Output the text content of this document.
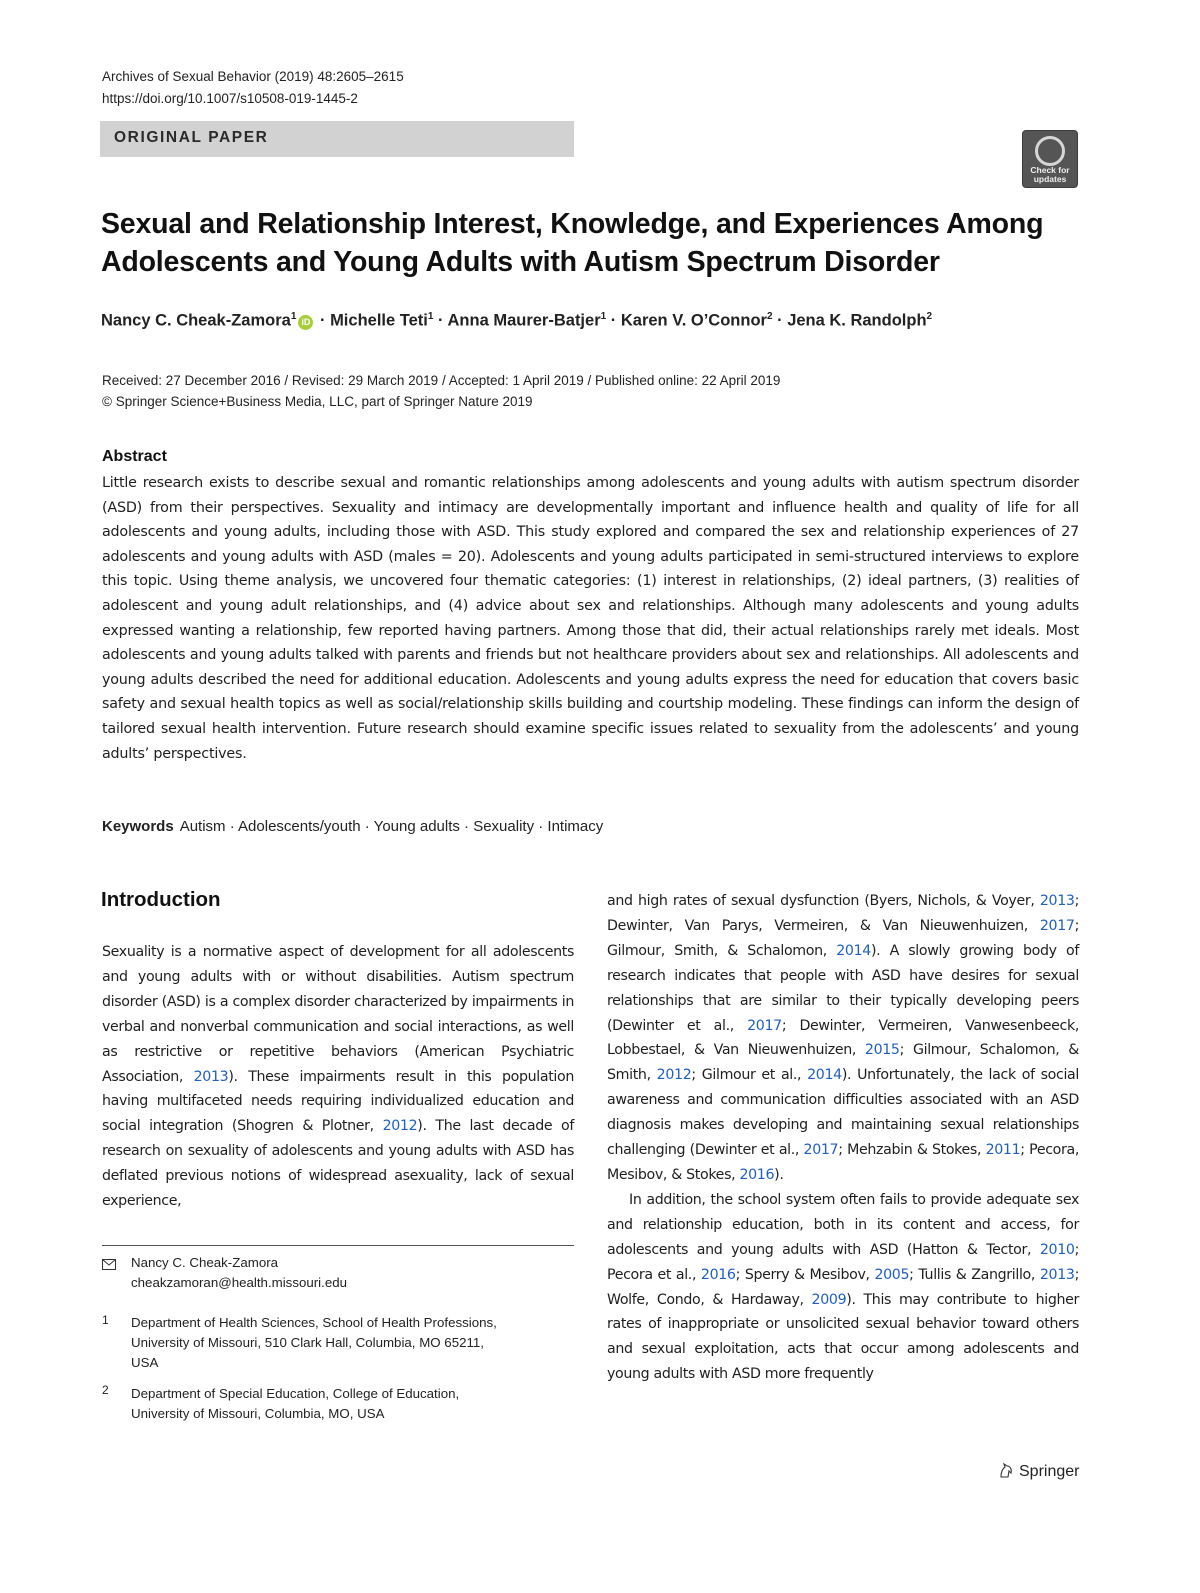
Archives of Sexual Behavior (2019) 48:2605–2615
https://doi.org/10.1007/s10508-019-1445-2
ORIGINAL PAPER
Check for
updates
Sexual and Relationship Interest, Knowledge, and Experiences Among Adolescents and Young Adults with Autism Spectrum Disorder
Nancy C. Cheak-Zamora$^1$ iD · Michelle Teti$^1$ · Anna Maurer-Batjer$^1$ · Karen V. O’Connor$^2$ · Jena K. Randolph$^2$
Received: 27 December 2016 / Revised: 29 March 2019 / Accepted: 1 April 2019 / Published online: 22 April 2019
© Springer Science+Business Media, LLC, part of Springer Nature 2019
Abstract

Little research exists to describe sexual and romantic relationships among adolescents and young adults with autism spectrum disorder (ASD) from their perspectives. Sexuality and intimacy are developmentally important and influence health and quality of life for all adolescents and young adults, including those with ASD. This study explored and compared the sex and relationship experiences of 27 adolescents and young adults with ASD (males = 20). Adolescents and young adults participated in semi-structured interviews to explore this topic. Using theme analysis, we uncovered four thematic categories: (1) interest in relationships, (2) ideal partners, (3) realities of adolescent and young adult relationships, and (4) advice about sex and relationships. Although many adolescents and young adults expressed wanting a relationship, few reported having partners. Among those that did, their actual relationships rarely met ideals. Most adolescents and young adults talked with parents and friends but not healthcare providers about sex and relationships. All adolescents and young adults described the need for additional education. Adolescents and young adults express the need for education that covers basic safety and sexual health topics as well as social/relationship skills building and courtship modeling. These findings can inform the design of tailored sexual health intervention. Future research should examine specific issues related to sexuality from the adolescents’ and young adults’ perspectives.

Keywords Autism · Adolescents/youth · Young adults · Sexuality · Intimacy
Introduction

Sexuality is a normative aspect of development for all adolescents and young adults with or without disabilities. Autism spectrum disorder (ASD) is a complex disorder characterized by impairments in verbal and nonverbal communication and social interactions, as well as restrictive or repetitive behaviors (American Psychiatric Association, 2013). These impairments result in this population having multifaceted needs requiring individualized education and social integration (Shogren & Plotner, 2012). The last decade of research on sexuality of adolescents and young adults with ASD has deflated previous notions of widespread asexuality, lack of sexual experience,

and high rates of sexual dysfunction (Byers, Nichols, & Voyer, 2013; Dewinter, Van Parys, Vermeiren, & Van Nieuwenhuizen, 2017; Gilmour, Smith, & Schalomon, 2014). A slowly growing body of research indicates that people with ASD have desires for sexual relationships that are similar to their typically developing peers (Dewinter et al., 2017; Dewinter, Vermeiren, Vanwesenbeeck, Lobbestael, & Van Nieuwenhuizen, 2015; Gilmour, Schalomon, & Smith, 2012; Gilmour et al., 2014). Unfortunately, the lack of social awareness and communication difficulties associated with an ASD diagnosis makes developing and maintaining sexual relationships challenging (Dewinter et al., 2017; Mehzabin & Stokes, 2011; Pecora, Mesibov, & Stokes, 2016).

In addition, the school system often fails to provide adequate sex and relationship education, both in its content and access, for adolescents and young adults with ASD (Hatton & Tector, 2010; Pecora et al., 2016; Sperry & Mesibov, 2005; Tullis & Zangrillo, 2013; Wolfe, Condo, & Hardaway, 2009). This may contribute to higher rates of inappropriate or unsolicited sexual behavior toward others and sexual exploitation, acts that occur among adolescents and young adults with ASD more frequently

Nancy C. Cheak-Zamora
cheakzamoran@health.missouri.edu
1 Department of Health Sciences, School of Health Professions, University of Missouri, 510 Clark Hall, Columbia, MO 65211, USA
2 Department of Special Education, College of Education, University of Missouri, Columbia, MO, USA
Springer
